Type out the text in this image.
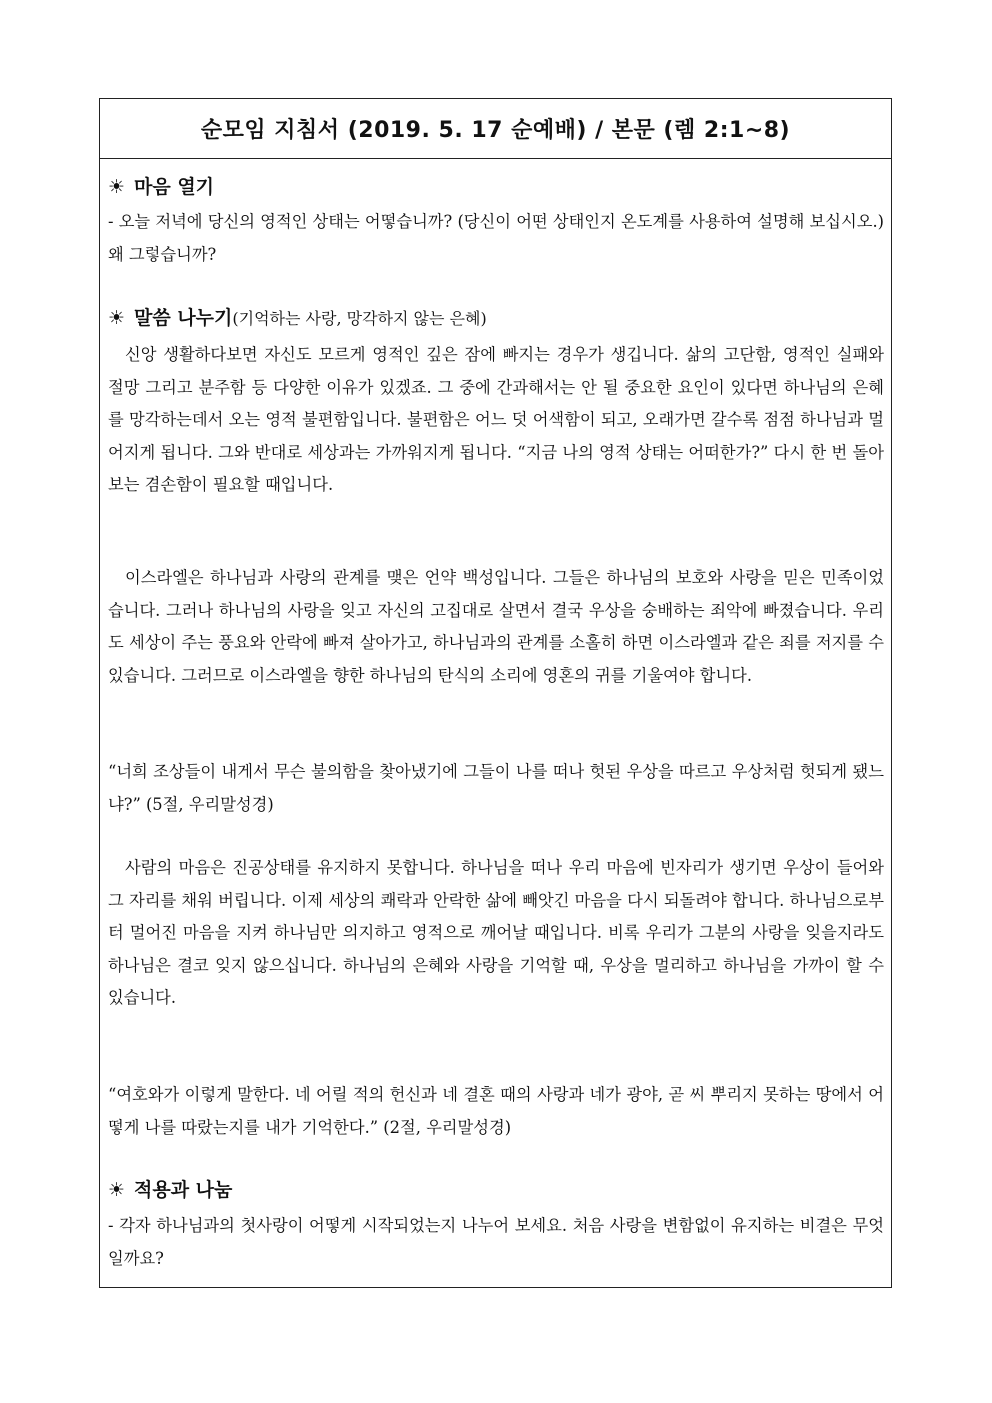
순모임 지침서 (2019. 5. 17 순예배) / 본문 (렘 2:1~8)
☀ 마음 열기

- 오늘 저녁에 당신의 영적인 상태는 어떻습니까? (당신이 어떤 상태인지 온도계를 사용하여 설명해 보십시오.) 왜 그렇습니까?

☀ 말씀 나누기(기억하는 사랑, 망각하지 않는 은혜)

신앙 생활하다보면 자신도 모르게 영적인 깊은 잠에 빠지는 경우가 생깁니다. 삶의 고단함, 영적인 실패와 절망 그리고 분주함 등 다양한 이유가 있겠죠. 그 중에 간과해서는 안 될 중요한 요인이 있다면 하나님의 은혜를 망각하는데서 오는 영적 불편함입니다. 불편함은 어느 덧 어색함이 되고, 오래가면 갈수록 점점 하나님과 멀어지게 됩니다. 그와 반대로 세상과는 가까워지게 됩니다. “지금 나의 영적 상태는 어떠한가?” 다시 한 번 돌아보는 겸손함이 필요할 때입니다.

이스라엘은 하나님과 사랑의 관계를 맺은 언약 백성입니다. 그들은 하나님의 보호와 사랑을 믿은 민족이었습니다. 그러나 하나님의 사랑을 잊고 자신의 고집대로 살면서 결국 우상을 숭배하는 죄악에 빠졌습니다. 우리도 세상이 주는 풍요와 안락에 빠져 살아가고, 하나님과의 관계를 소홀히 하면 이스라엘과 같은 죄를 저지를 수 있습니다. 그러므로 이스라엘을 향한 하나님의 탄식의 소리에 영혼의 귀를 기울여야 합니다.

“너희 조상들이 내게서 무슨 불의함을 찾아냈기에 그들이 나를 떠나 헛된 우상을 따르고 우상처럼 헛되게 됐느냐?” (5절, 우리말성경)

사람의 마음은 진공상태를 유지하지 못합니다. 하나님을 떠나 우리 마음에 빈자리가 생기면 우상이 들어와 그 자리를 채워 버립니다. 이제 세상의 쾌락과 안락한 삶에 빼앗긴 마음을 다시 되돌려야 합니다. 하나님으로부터 멀어진 마음을 지켜 하나님만 의지하고 영적으로 깨어날 때입니다. 비록 우리가 그분의 사랑을 잊을지라도 하나님은 결코 잊지 않으십니다. 하나님의 은혜와 사랑을 기억할 때, 우상을 멀리하고 하나님을 가까이 할 수 있습니다.

“여호와가 이렇게 말한다. 네 어릴 적의 헌신과 네 결혼 때의 사랑과 네가 광야, 곧 씨 뿌리지 못하는 땅에서 어떻게 나를 따랐는지를 내가 기억한다.” (2절, 우리말성경)

☀ 적용과 나눔

- 각자 하나님과의 첫사랑이 어떻게 시작되었는지 나누어 보세요. 처음 사랑을 변함없이 유지하는 비결은 무엇일까요?
